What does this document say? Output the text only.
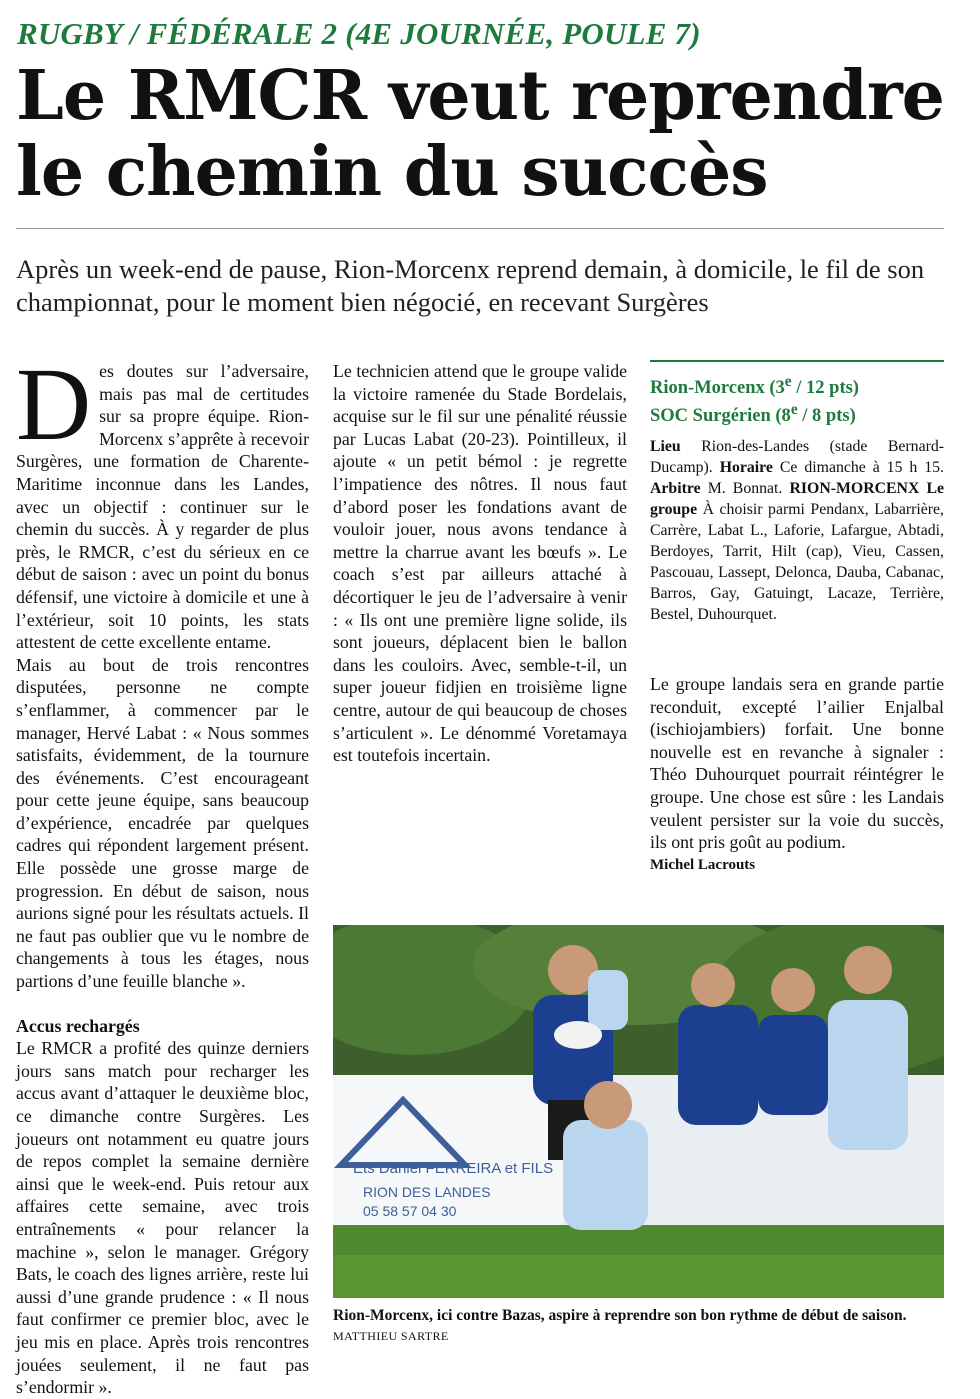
RUGBY / FÉDÉRALE 2 (4E JOURNÉE, POULE 7)
Le RMCR veut reprendre
le chemin du succès
Après un week-end de pause, Rion-Morcenx reprend demain, à domicile, le fil de son championnat, pour le moment bien négocié, en recevant Surgères

Des doutes sur l’adversaire, mais pas mal de certitudes sur sa propre équipe. Rion-Morcenx s’apprête à recevoir Surgères, une formation de Charente-Maritime inconnue dans les Landes, avec un objectif : continuer sur le chemin du succès. À y regarder de plus près, le RMCR, c’est du sérieux en ce début de saison : avec un point du bonus défensif, une victoire à domicile et une à l’extérieur, soit 10 points, les stats attestent de cette excellente entame.

Mais au bout de trois rencontres disputées, personne ne compte s’enflammer, à commencer par le manager, Hervé Labat : « Nous sommes satisfaits, évidemment, de la tournure des événements. C’est encourageant pour cette jeune équipe, sans beaucoup d’expérience, encadrée par quelques cadres qui répondent largement présent. Elle possède une grosse marge de progression. En début de saison, nous aurions signé pour les résultats actuels. Il ne faut pas oublier que vu le nombre de changements à tous les étages, nous partions d’une feuille blanche ».

Accus rechargés

Le RMCR a profité des quinze derniers jours sans match pour recharger les accus avant d’attaquer le deuxième bloc, ce dimanche contre Surgères. Les joueurs ont notamment eu quatre jours de repos complet la semaine dernière ainsi que le week-end. Puis retour aux affaires cette semaine, avec trois entraînements « pour relancer la machine », selon le manager. Grégory Bats, le coach des lignes arrière, reste lui aussi d’une grande prudence : « Il nous faut confirmer ce premier bloc, avec le jeu mis en place. Après trois rencontres jouées seulement, il ne faut pas s’endormir ».

Le technicien attend que le groupe valide la victoire ramenée du Stade Bordelais, acquise sur le fil sur une pénalité réussie par Lucas Labat (20-23). Pointilleux, il ajoute « un petit bémol : je regrette l’impatience des nôtres. Il nous faut d’abord poser les fondations avant de vouloir jouer, nous avons tendance à mettre la charrue avant les bœufs ». Le coach s’est par ailleurs attaché à décortiquer le jeu de l’adversaire à venir : « Ils ont une première ligne solide, ils sont joueurs, déplacent bien le ballon dans les couloirs. Avec, semble-t-il, un super joueur fidjien en troisième ligne centre, autour de qui beaucoup de choses s’articulent ». Le dénommé Voretamaya est toutefois incertain.

Rion-Morcenx (3e / 12 pts)
SOC Surgérien (8e / 8 pts)
Lieu Rion-des-Landes (stade Bernard-Ducamp). Horaire Ce dimanche à 15 h 15. Arbitre M. Bonnat. RION-MORCENX Le groupe À choisir parmi Pendanx, Labarrière, Carrère, Labat L., Laforie, Lafargue, Abtadi, Berdoyes, Tarrit, Hilt (cap), Vieu, Cassen, Pascouau, Lassept, Delonca, Dauba, Cabanac, Barros, Gay, Gatuingt, Lacaze, Terrière, Bestel, Duhourquet.

Le groupe landais sera en grande partie reconduit, excepté l’ailier Enjalbal (ischiojambiers) forfait. Une bonne nouvelle est en revanche à signaler : Théo Duhourquet pourrait réintégrer le groupe. Une chose est sûre : les Landais veulent persister sur la voie du succès, ils ont pris goût au podium.

Michel Lacrouts

Ets Daniel FERREIRA et FILS
RION DES LANDES
05 58 57 04 30
Rion-Morcenx, ici contre Bazas, aspire à reprendre son bon rythme de début de saison. MATTHIEU SARTRE
